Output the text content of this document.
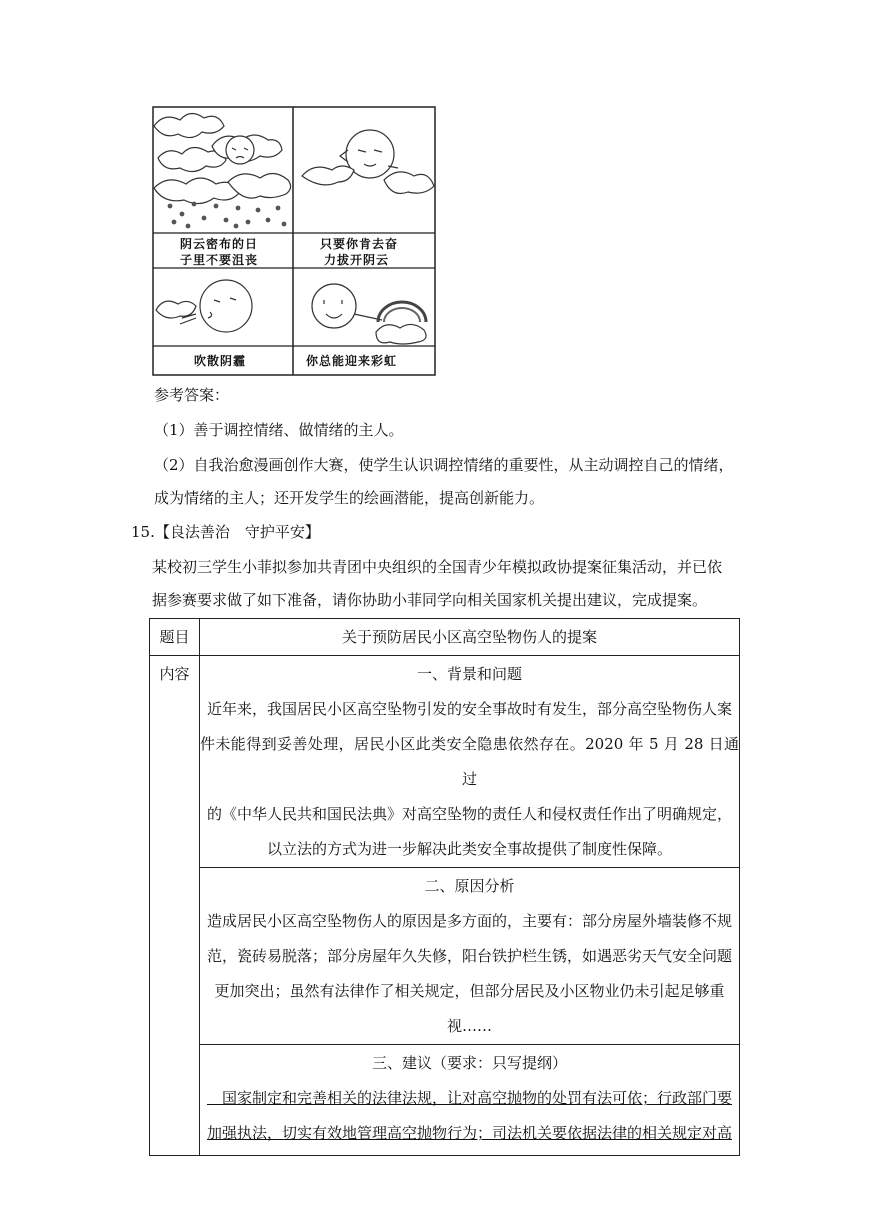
阴云密布的日
子里不要沮丧
只要你肯去奋
力拔开阴云
吹散阴霾	你总能迎来彩虹
参考答案：
（1）善于调控情绪、做情绪的主人。
（2）自我治愈漫画创作大赛，使学生认识调控情绪的重要性，从主动调控自己的情绪，
成为情绪的主人；还开发学生的绘画潜能，提高创新能力。
15.【良法善治　守护平安】
某校初三学生小菲拟参加共青团中央组织的全国青少年模拟政协提案征集活动，并已依
据参赛要求做了如下准备，请你协助小菲同学向相关国家机关提出建议，完成提案。
题目	关于预防居民小区高空坠物伤人的提案

内容	一、背景和问题
近年来，我国居民小区高空坠物引发的安全事故时有发生，部分高空坠物伤人案
件未能得到妥善处理，居民小区此类安全隐患依然存在。2020 年 5 月 28 日通过
的《中华人民共和国民法典》对高空坠物的责任人和侵权责任作出了明确规定，
以立法的方式为进一步解决此类安全事故提供了制度性保障。

	二、原因分析
造成居民小区高空坠物伤人的原因是多方面的，主要有：部分房屋外墙装修不规
范，瓷砖易脱落；部分房屋年久失修，阳台铁护栏生锈，如遇恶劣天气安全问题
更加突出；虽然有法律作了相关规定，但部分居民及小区物业仍未引起足够重
视……

	三、建议（要求：只写提纲）
　国家制定和完善相关的法律法规，让对高空抛物的处罚有法可依；行政部门要
加强执法，切实有效地管理高空抛物行为；司法机关要依据法律的相关规定对高
